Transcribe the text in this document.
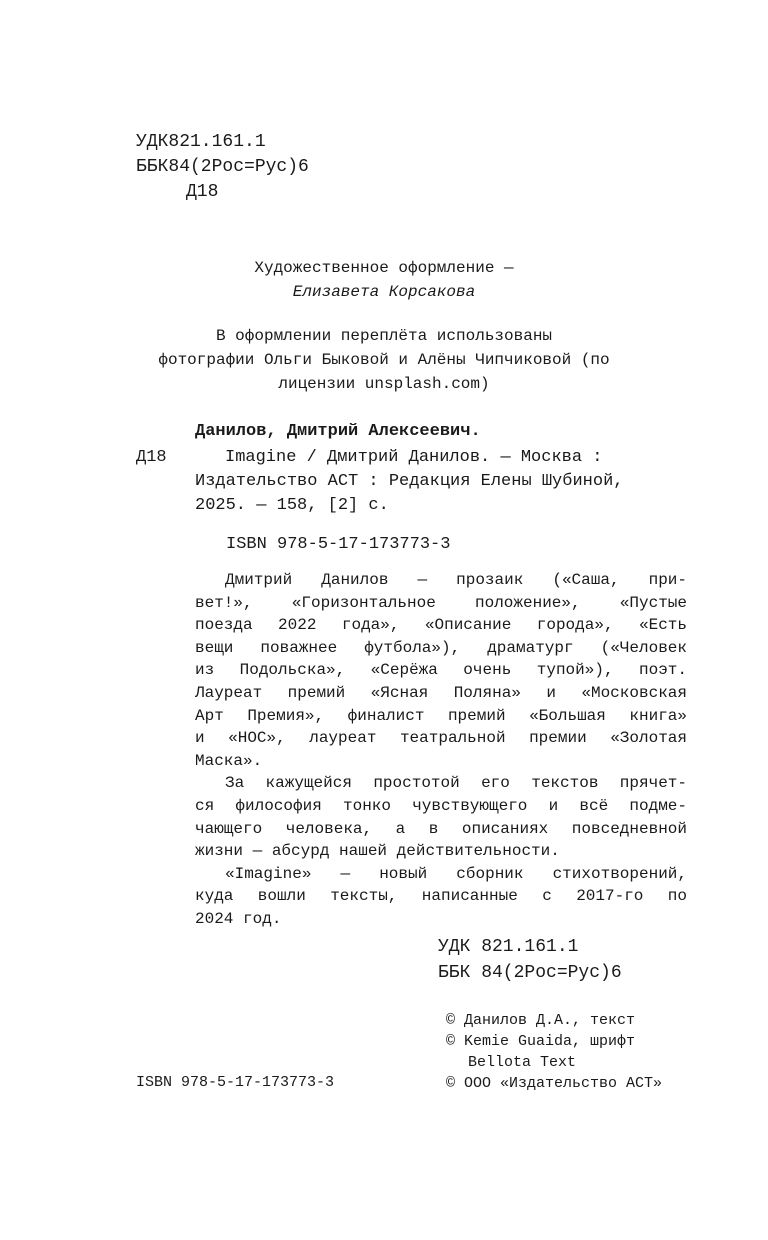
УДК821.161.1
ББК84(2Рос=Рус)6
Д18
Художественное оформление —
Елизавета Корсакова
В оформлении переплёта использованы
фотографии Ольги Быковой и Алёны Чипчиковой (по
лицензии unsplash.com)
Данилов, Дмитрий Алексеевич.
Д18	Imagine / Дмитрий Данилов. — Москва :
Издательство АСТ : Редакция Елены Шубиной,
2025. — 158, [2] с.
ISBN 978-5-17-173773-3
Дмитрий Данилов — прозаик («Саша, при-
вет!», «Горизонтальное положение», «Пустые
поезда 2022 года», «Описание города», «Есть
вещи поважнее футбола»), драматург («Человек
из Подольска», «Серёжа очень тупой»), поэт.
Лауреат премий «Ясная Поляна» и «Московская
Арт Премия», финалист премий «Большая книга»
и «НОС», лауреат театральной премии «Золотая
Маска».
За кажущейся простотой его текстов прячет-
ся философия тонко чувствующего и всё подме-
чающего человека, а в описаниях повседневной
жизни — абсурд нашей действительности.
«Imagine» — новый сборник стихотворений,
куда вошли тексты, написанные с 2017-го по
2024 год.
УДК 821.161.1
ББК 84(2Рос=Рус)6
© Данилов Д.А., текст
© Kemie Guaida, шрифт
Bellota Text
© ООО «Издательство АСТ»
ISBN 978-5-17-173773-3
